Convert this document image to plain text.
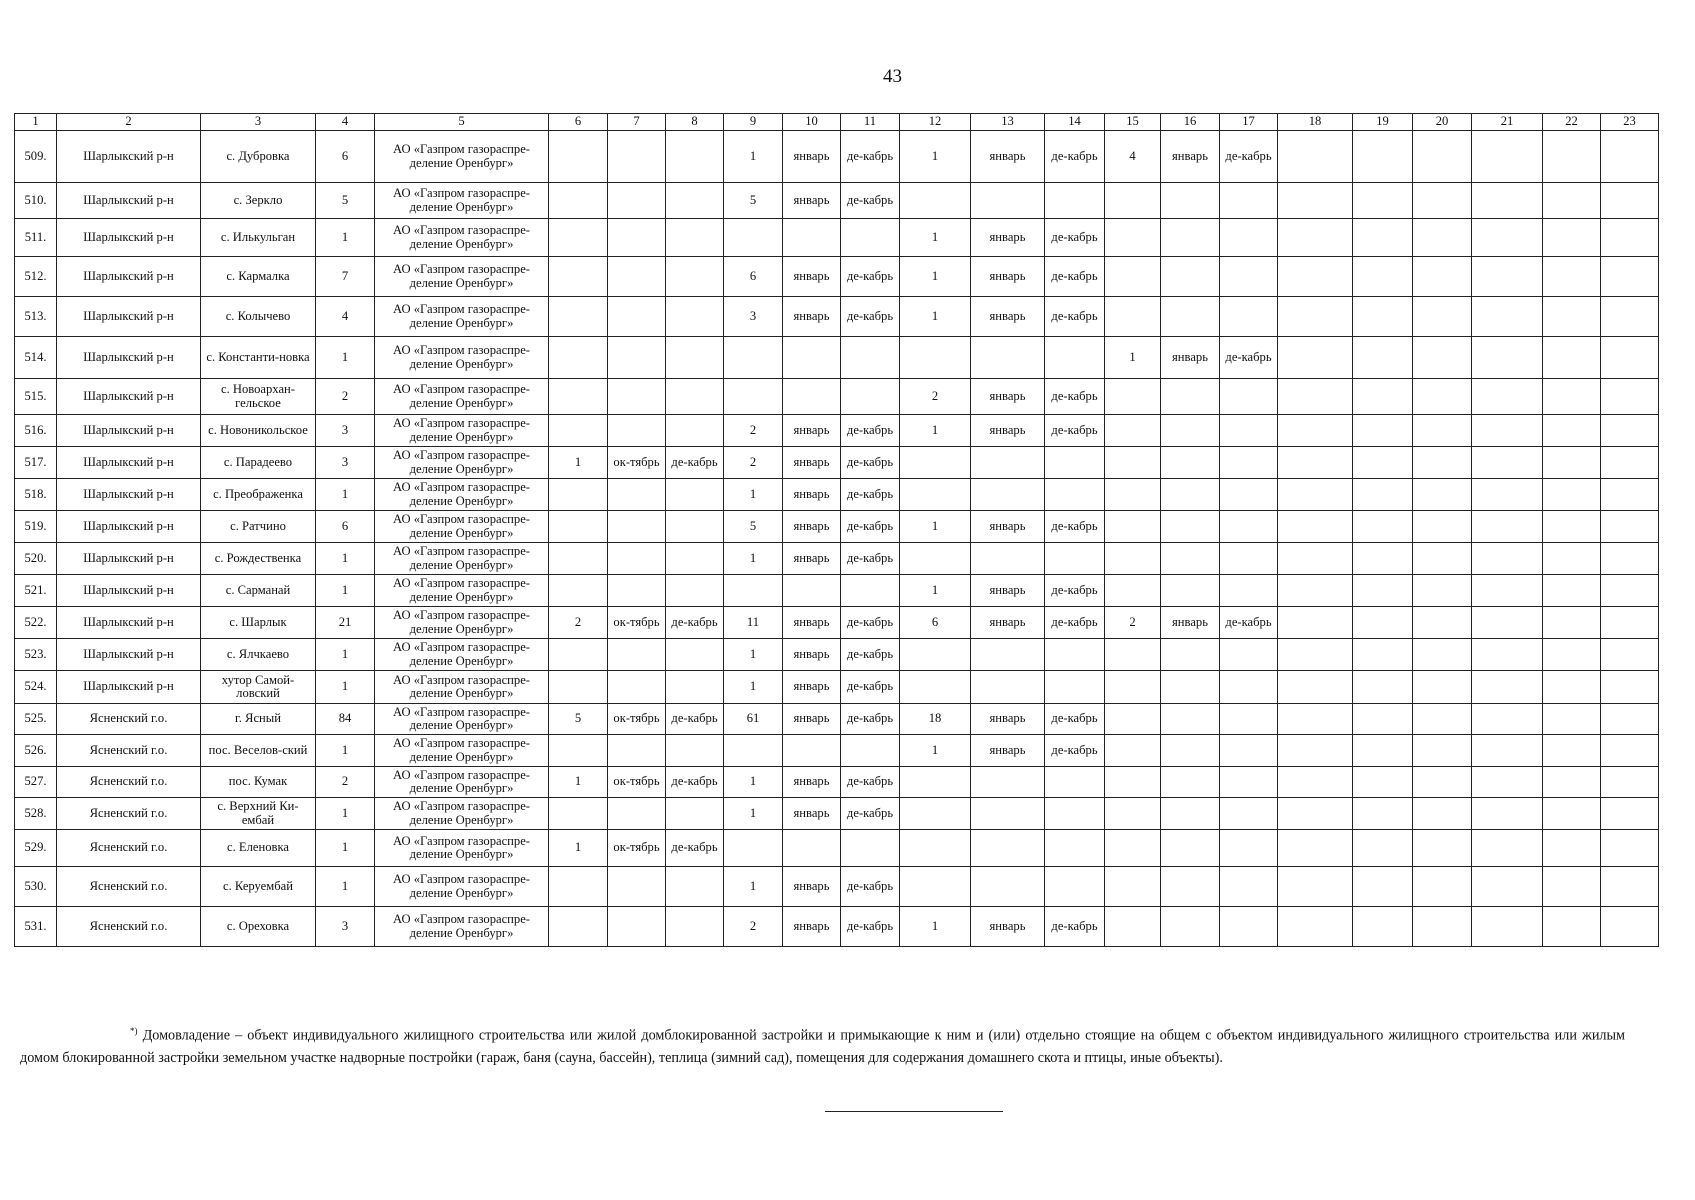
43
1	2	3	4	5	6	7	8	9	10	11	12	13	14	15	16	17	18	19	20	21	22	23
509.	Шарлыкский р-н	с. Дубровка	6	АО «Газпром газораспре-деление Оренбург»				1	январь	де-кабрь	1	январь	де-кабрь	4	январь	де-кабрь						
510.	Шарлыкский р-н	с. Зеркло	5	АО «Газпром газораспре-деление Оренбург»				5	январь	де-кабрь												
511.	Шарлыкский р-н	с. Илькульган	1	АО «Газпром газораспре-деление Оренбург»							1	январь	де-кабрь									
512.	Шарлыкский р-н	с. Кармалка	7	АО «Газпром газораспре-деление Оренбург»				6	январь	де-кабрь	1	январь	де-кабрь									
513.	Шарлыкский р-н	с. Колычево	4	АО «Газпром газораспре-деление Оренбург»				3	январь	де-кабрь	1	январь	де-кабрь									
514.	Шарлыкский р-н	с. Константи-новка	1	АО «Газпром газораспре-деление Оренбург»										1	январь	де-кабрь						
515.	Шарлыкский р-н	с. Новоархан-гельское	2	АО «Газпром газораспре-деление Оренбург»							2	январь	де-кабрь									
516.	Шарлыкский р-н	с. Новоникольское	3	АО «Газпром газораспре-деление Оренбург»				2	январь	де-кабрь	1	январь	де-кабрь									
517.	Шарлыкский р-н	с. Парадеево	3	АО «Газпром газораспре-деление Оренбург»	1	ок-тябрь	де-кабрь	2	январь	де-кабрь												
518.	Шарлыкский р-н	с. Преображенка	1	АО «Газпром газораспре-деление Оренбург»				1	январь	де-кабрь												
519.	Шарлыкский р-н	с. Ратчино	6	АО «Газпром газораспре-деление Оренбург»				5	январь	де-кабрь	1	январь	де-кабрь									
520.	Шарлыкский р-н	с. Рождественка	1	АО «Газпром газораспре-деление Оренбург»				1	январь	де-кабрь												
521.	Шарлыкский р-н	с. Сарманай	1	АО «Газпром газораспре-деление Оренбург»							1	январь	де-кабрь									
522.	Шарлыкский р-н	с. Шарлык	21	АО «Газпром газораспре-деление Оренбург»	2	ок-тябрь	де-кабрь	11	январь	де-кабрь	6	январь	де-кабрь	2	январь	де-кабрь						
523.	Шарлыкский р-н	с. Ялчкаево	1	АО «Газпром газораспре-деление Оренбург»				1	январь	де-кабрь												
524.	Шарлыкский р-н	хутор Самой-ловский	1	АО «Газпром газораспре-деление Оренбург»				1	январь	де-кабрь												
525.	Ясненский г.о.	г. Ясный	84	АО «Газпром газораспре-деление Оренбург»	5	ок-тябрь	де-кабрь	61	январь	де-кабрь	18	январь	де-кабрь									
526.	Ясненский г.о.	пос. Веселов-ский	1	АО «Газпром газораспре-деление Оренбург»							1	январь	де-кабрь									
527.	Ясненский г.о.	пос. Кумак	2	АО «Газпром газораспре-деление Оренбург»	1	ок-тябрь	де-кабрь	1	январь	де-кабрь												
528.	Ясненский г.о.	с. Верхний Ки-ембай	1	АО «Газпром газораспре-деление Оренбург»				1	январь	де-кабрь												
529.	Ясненский г.о.	с. Еленовка	1	АО «Газпром газораспре-деление Оренбург»	1	ок-тябрь	де-кабрь															
530.	Ясненский г.о.	с. Керуембай	1	АО «Газпром газораспре-деление Оренбург»				1	январь	де-кабрь												
531.	Ясненский г.о.	с. Ореховка	3	АО «Газпром газораспре-деление Оренбург»				2	январь	де-кабрь	1	январь	де-кабрь									
*) Домовладение – объект индивидуального жилищного строительства или жилой домблокированной застройки и примыкающие к ним и (или) отдельно стоящие на общем с объектом индивидуального жилищного строительства или жилым домом блокированной застройки земельном участке надворные постройки (гараж, баня (сауна, бассейн), теплица (зимний сад), помещения для содержания домашнего скота и птицы, иные объекты).
